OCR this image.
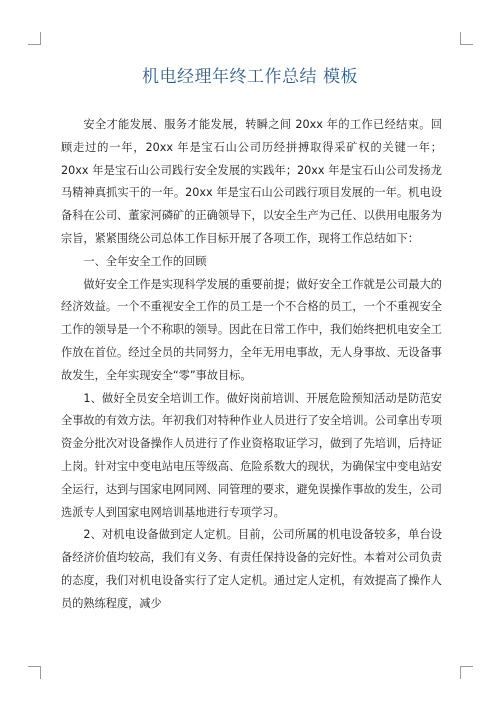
机电经理年终工作总结 模板

安全才能发展、服务才能发展，转瞬之间 20xx 年的工作已经结束。回顾走过的一年，20xx 年是宝石山公司历经拼搏取得采矿权的关键一年；20xx 年是宝石山公司践行安全发展的实践年；20xx 年是宝石山公司发扬龙马精神真抓实干的一年。20xx 年是宝石山公司践行项目发展的一年。机电设备科在公司、董家河磷矿的正确领导下，以安全生产为己任、以供用电服务为宗旨，紧紧围绕公司总体工作目标开展了各项工作，现将工作总结如下：

一、全年安全工作的回顾

做好安全工作是实现科学发展的重要前提；做好安全工作就是公司最大的经济效益。一个不重视安全工作的员工是一个不合格的员工，一个不重视安全工作的领导是一个不称职的领导。因此在日常工作中，我们始终把机电安全工作放在首位。经过全员的共同努力，全年无用电事故，无人身事故、无设备事故发生，全年实现安全“零”事故目标。

1、做好全员安全培训工作。做好岗前培训、开展危险预知活动是防范安全事故的有效方法。年初我们对特种作业人员进行了安全培训。公司拿出专项资金分批次对设备操作人员进行了作业资格取证学习，做到了先培训，后持证上岗。针对宝中变电站电压等级高、危险系数大的现状，为确保宝中变电站安全运行，达到与国家电网同网、同管理的要求，避免误操作事故的发生，公司选派专人到国家电网培训基地进行专项学习。

2、对机电设备做到定人定机。目前，公司所属的机电设备较多，单台设备经济价值均较高，我们有义务、有责任保持设备的完好性。本着对公司负责的态度，我们对机电设备实行了定人定机。通过定人定机，有效提高了操作人员的熟练程度，减少
